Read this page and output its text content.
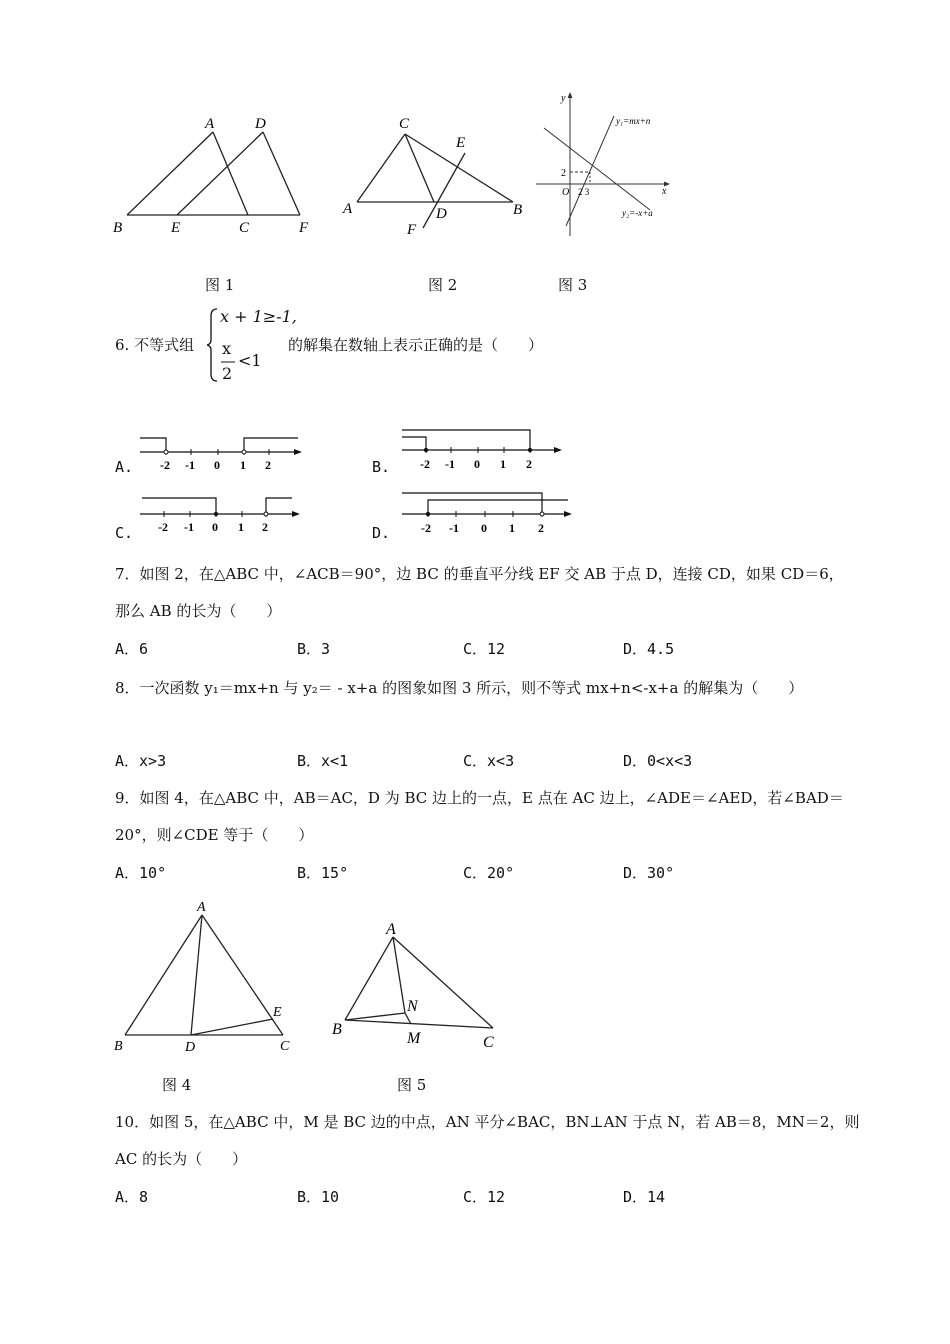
A	D
B	E	C	F
C
E
A	D	B
F
y
x
O
2
2 3
y₁=mx+n
y₂=-x+a
图 1	图 2	图 3
6. 不等式组
x + 1≥-1,
x
2
<1
的解集在数轴上表示正确的是（　　）
A. -2 -1 0 1 2	B. -2 -1 0 1 2
C. -2 -1 0 1 2	D.	-2 -1 0 1 2
7．如图 2，在△ABC 中，∠ACB＝90°，边 BC 的垂直平分线 EF 交 AB 于点 D，连接 CD，如果 CD＝6，
那么 AB 的长为（　　）
A．6	B．3	C．12	D．4.5
8．一次函数 y₁＝mx+n 与 y₂＝ - x+a 的图象如图 3 所示，则不等式 mx+n<-x+a 的解集为（　　）
A．x>3	B．x<1	C．x<3	D．0<x<3
9．如图 4，在△ABC 中，AB＝AC，D 为 BC 边上的一点，E 点在 AC 边上，∠ADE＝∠AED，若∠BAD＝
20°，则∠CDE 等于（　　）
A．10°	B．15°	C．20°	D．30°
A
B	D
E
C
A
N
B
M	C
图 4	图 5
10．如图 5，在△ABC 中，M 是 BC 边的中点，AN 平分∠BAC，BN⊥AN 于点 N，若 AB＝8，MN＝2，则
AC 的长为（　　）
A．8	B．10	C．12	D．14
